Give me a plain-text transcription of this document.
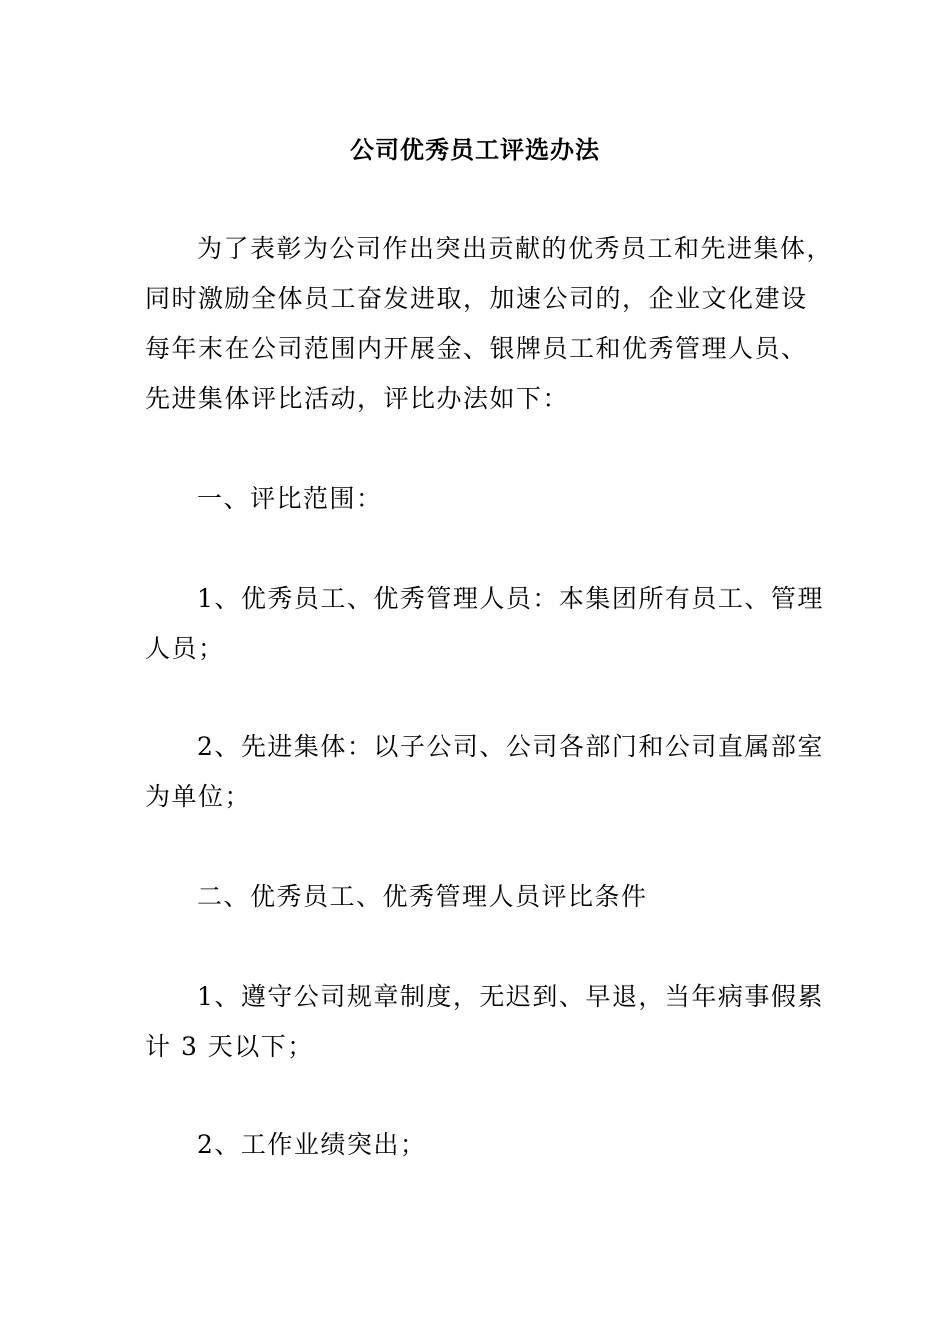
公司优秀员工评选办法
为了表彰为公司作出突出贡献的优秀员工和先进集体，
同时激励全体员工奋发进取，加速公司的，企业文化建设
每年末在公司范围内开展金、银牌员工和优秀管理人员、
先进集体评比活动，评比办法如下：
一、评比范围：
1、优秀员工、优秀管理人员：本集团所有员工、管理
人员；
2、先进集体：以子公司、公司各部门和公司直属部室
为单位；
二、优秀员工、优秀管理人员评比条件
1、遵守公司规章制度，无迟到、早退，当年病事假累
计 3 天以下；
2、工作业绩突出；
